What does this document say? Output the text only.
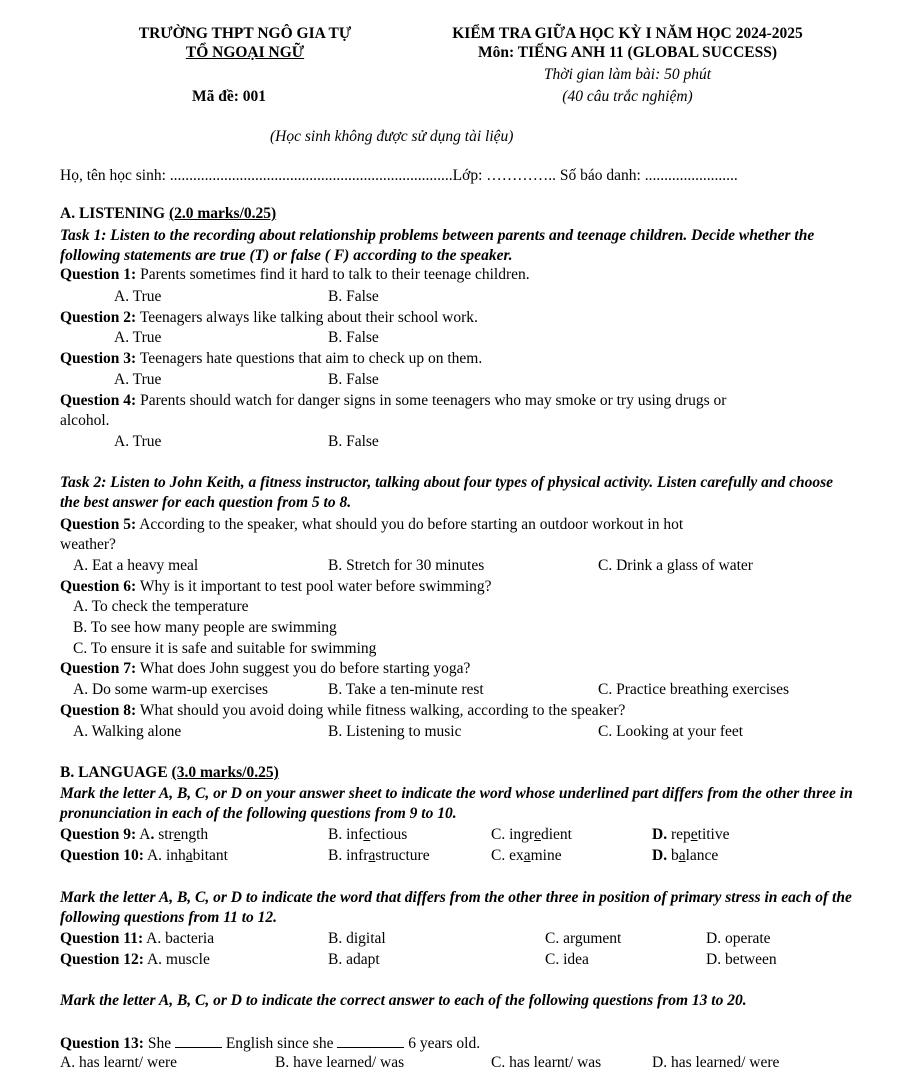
TRƯỜNG THPT NGÔ GIA TỰ
TỔ NGOẠI NGỮ
KIỂM TRA GIỮA HỌC KỲ I NĂM HỌC 2024-2025
Môn: TIẾNG ANH 11 (GLOBAL SUCCESS)
Thời gian làm bài: 50 phút
Mã đề: 001	(40 câu trắc nghiệm)
(Học sinh không được sử dụng tài liệu)
Họ, tên học sinh: .........................................................................Lớp: ………….. Số báo danh: ........................
A. LISTENING (2.0 marks/0.25)
Task 1: Listen to the recording about relationship problems between parents and teenage children. Decide whether the following statements are true (T) or false ( F) according to the speaker.
Question 1: Parents sometimes find it hard to talk to their teenage children.
A. True	B. False
Question 2: Teenagers always like talking about their school work.
A. True	B. False
Question 3: Teenagers hate questions that aim to check up on them.
A. True	B. False
Question 4: Parents should watch for danger signs in some teenagers who may smoke or try using drugs or
alcohol.
A. True	B. False
Task 2: Listen to John Keith, a fitness instructor, talking about four types of physical activity. Listen carefully and choose the best answer for each question from 5 to 8.
Question 5: According to the speaker, what should you do before starting an outdoor workout in hot
weather?
A. Eat a heavy meal	B. Stretch for 30 minutes	C. Drink a glass of water
Question 6: Why is it important to test pool water before swimming?
A. To check the temperature
B. To see how many people are swimming
C. To ensure it is safe and suitable for swimming
Question 7: What does John suggest you do before starting yoga?
A. Do some warm-up exercises	B. Take a ten-minute rest	C. Practice breathing exercises
Question 8: What should you avoid doing while fitness walking, according to the speaker?
A. Walking alone	B. Listening to music	C. Looking at your feet
B. LANGUAGE (3.0 marks/0.25)
Mark the letter A, B, C, or D on your answer sheet to indicate the word whose underlined part differs from the other three in pronunciation in each of the following questions from 9 to 10.
Question 9: A. strength	B. infectious	C. ingredient	D. repetitive
Question 10: A. inhabitant	B. infrastructure	C. examine	D. balance
Mark the letter A, B, C, or D to indicate the word that differs from the other three in position of primary stress in each of the following questions from 11 to 12.
Question 11: A. bacteria	B. digital	C. argument	D. operate
Question 12: A. muscle	B. adapt	C. idea	D. between
Mark the letter A, B, C, or D to indicate the correct answer to each of the following questions from 13 to 20.
Question 13: She	English since she	6 years old.
A. has learnt/ were	B. have learned/ was	C. has learnt/ was	D. has learned/ were
